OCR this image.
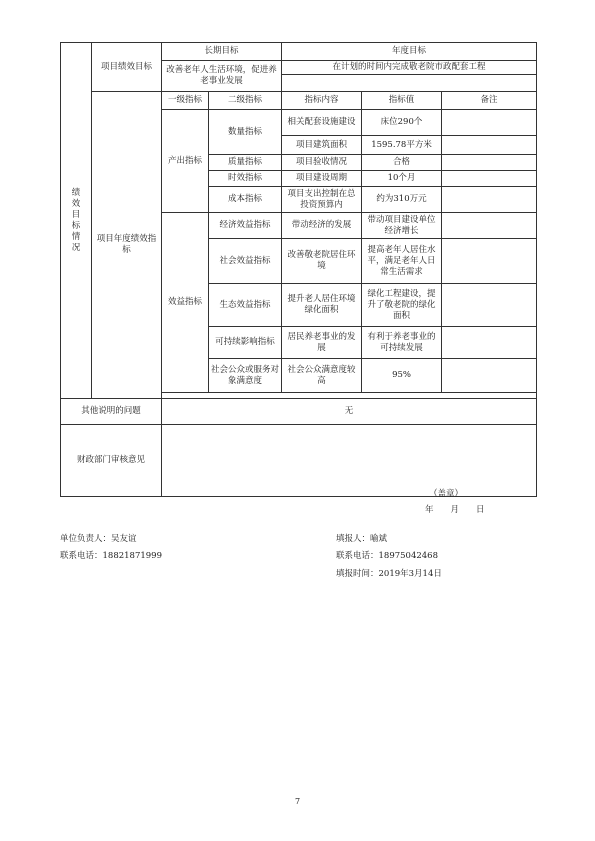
绩效目标情况	项目绩效目标	长期目标		年度目标		
		改善老年人生活环境，促进养老事业发展		在计划的时间内完成敬老院市政配套工程		

	项目年度绩效指标	一级指标	二级指标	指标内容	指标值	备注
		产出指标	数量指标	相关配套设施建设	床位290个	
				项目建筑面积	1595.78平方米	
			质量指标	项目验收情况	合格	
			时效指标	项目建设周期	10个月	
			成本指标	项目支出控制在总投资预算内	约为310万元	
		效益指标	经济效益指标	带动经济的发展	带动项目建设单位经济增长	
			社会效益指标	改善敬老院居住环境	提高老年人居住水平，满足老年人日常生活需求	
			生态效益指标	提升老人居住环境绿化面积	绿化工程建设，提升了敬老院的绿化面积	
			可持续影响指标	居民养老事业的发展	有利于养老事业的可持续发展	
			社会公众或服务对象满意度	社会公众满意度较高	95%	

其他说明的问题		无				
财政部门审核意见						
（盖章）
年　　月　　日
单位负责人：吴友谊
联系电话：18821871999
填报人：喻斌
联系电话：18975042468
填报时间：2019年3月14日
7
